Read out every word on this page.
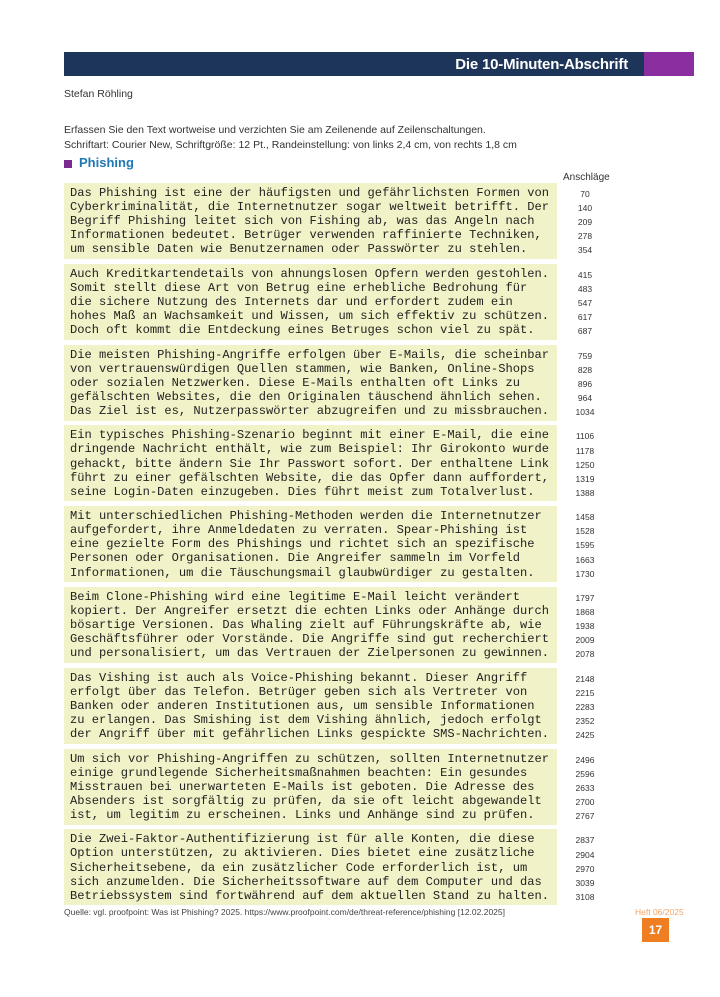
Die 10-Minuten-Abschrift
Stefan Röhling
Erfassen Sie den Text wortweise und verzichten Sie am Zeilenende auf Zeilenschaltungen.
Schriftart: Courier New, Schriftgröße: 12 Pt., Randeinstellung: von links 2,4 cm, von rechts 1,8 cm
Phishing
Anschläge
Das Phishing ist eine der häufigsten und gefährlichsten Formen von
Cyberkriminalität, die Internetnutzer sogar weltweit betrifft. Der
Begriff Phishing leitet sich von Fishing ab, was das Angeln nach
Informationen bedeutet. Betrüger verwenden raffinierte Techniken,
um sensible Daten wie Benutzernamen oder Passwörter zu stehlen.
70
140
209
278
354
Auch Kreditkartendetails von ahnungslosen Opfern werden gestohlen.
Somit stellt diese Art von Betrug eine erhebliche Bedrohung für
die sichere Nutzung des Internets dar und erfordert zudem ein
hohes Maß an Wachsamkeit und Wissen, um sich effektiv zu schützen.
Doch oft kommt die Entdeckung eines Betruges schon viel zu spät.
415
483
547
617
687
Die meisten Phishing-Angriffe erfolgen über E-Mails, die scheinbar
von vertrauenswürdigen Quellen stammen, wie Banken, Online-Shops
oder sozialen Netzwerken. Diese E-Mails enthalten oft Links zu
gefälschten Websites, die den Originalen täuschend ähnlich sehen.
Das Ziel ist es, Nutzerpasswörter abzugreifen und zu missbrauchen.
759
828
896
964
1034
Ein typisches Phishing-Szenario beginnt mit einer E-Mail, die eine
dringende Nachricht enthält, wie zum Beispiel: Ihr Girokonto wurde
gehackt, bitte ändern Sie Ihr Passwort sofort. Der enthaltene Link
führt zu einer gefälschten Website, die das Opfer dann auffordert,
seine Login-Daten einzugeben. Dies führt meist zum Totalverlust.
1106
1178
1250
1319
1388
Mit unterschiedlichen Phishing-Methoden werden die Internetnutzer
aufgefordert, ihre Anmeldedaten zu verraten. Spear-Phishing ist
eine gezielte Form des Phishings und richtet sich an spezifische
Personen oder Organisationen. Die Angreifer sammeln im Vorfeld
Informationen, um die Täuschungsmail glaubwürdiger zu gestalten.
1458
1528
1595
1663
1730
Beim Clone-Phishing wird eine legitime E-Mail leicht verändert
kopiert. Der Angreifer ersetzt die echten Links oder Anhänge durch
bösartige Versionen. Das Whaling zielt auf Führungskräfte ab, wie
Geschäftsführer oder Vorstände. Die Angriffe sind gut recherchiert
und personalisiert, um das Vertrauen der Zielpersonen zu gewinnen.
1797
1868
1938
2009
2078
Das Vishing ist auch als Voice-Phishing bekannt. Dieser Angriff
erfolgt über das Telefon. Betrüger geben sich als Vertreter von
Banken oder anderen Institutionen aus, um sensible Informationen
zu erlangen. Das Smishing ist dem Vishing ähnlich, jedoch erfolgt
der Angriff über mit gefährlichen Links gespickte SMS-Nachrichten.
2148
2215
2283
2352
2425
Um sich vor Phishing-Angriffen zu schützen, sollten Internetnutzer
einige grundlegende Sicherheitsmaßnahmen beachten: Ein gesundes
Misstrauen bei unerwarteten E-Mails ist geboten. Die Adresse des
Absenders ist sorgfältig zu prüfen, da sie oft leicht abgewandelt
ist, um legitim zu erscheinen. Links und Anhänge sind zu prüfen.
2496
2596
2633
2700
2767
Die Zwei-Faktor-Authentifizierung ist für alle Konten, die diese
Option unterstützen, zu aktivieren. Dies bietet eine zusätzliche
Sicherheitsebene, da ein zusätzlicher Code erforderlich ist, um
sich anzumelden. Die Sicherheitssoftware auf dem Computer und das
Betriebssystem sind fortwährend auf dem aktuellen Stand zu halten.
2837
2904
2970
3039
3108
Quelle: vgl. proofpoint: Was ist Phishing? 2025. https://www.proofpoint.com/de/threat-reference/phishing [12.02.2025]	Heft 06/2025
17
